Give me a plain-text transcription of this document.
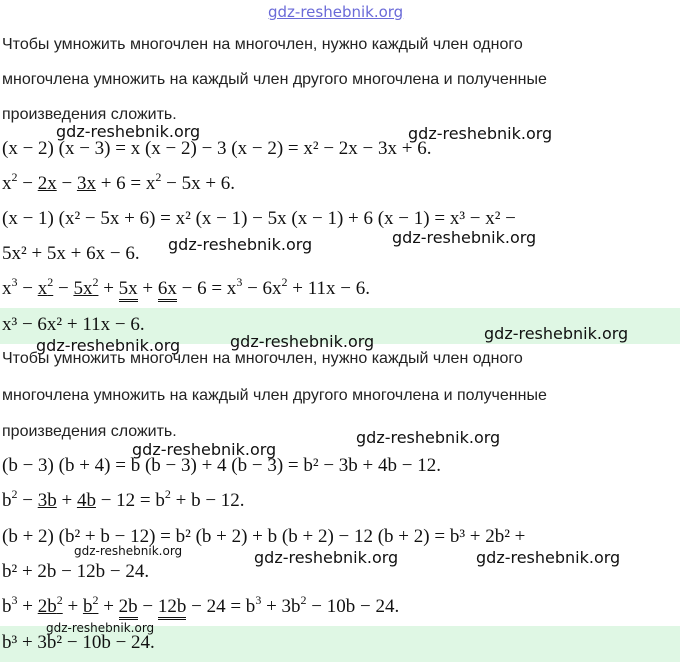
gdz-reshebnik.org
Чтобы умножить многочлен на многочлен, нужно каждый член одного
многочлена умножить на каждый член другого многочлена и полученные
произведения сложить.
(x − 2) (x − 3) = x (x − 2) − 3 (x − 2) = x² − 2x − 3x + 6.
$x^2 - 2x - 3x + 6 = x^2 - 5x + 6$.
(x − 1) (x² − 5x + 6) = x² (x − 1) − 5x (x − 1) + 6 (x − 1) = x³ − x² −
5x² + 5x + 6x − 6.
$x^3 - x^2 - 5x^2 + 5x + 6x - 6 = x^3 - 6x^2 + 11x - 6$.
x³ − 6x² + 11x − 6.
Чтобы умножить многочлен на многочлен, нужно каждый член одного
многочлена умножить на каждый член другого многочлена и полученные
произведения сложить.
(b − 3) (b + 4) = b (b − 3) + 4 (b − 3) = b² − 3b + 4b − 12.
$b^2 - 3b + 4b - 12 = b^2 + b - 12$.
(b + 2) (b² + b − 12) = b² (b + 2) + b (b + 2) − 12 (b + 2) = b³ + 2b² +
b² + 2b − 12b − 24.
$b^3 + 2b^2 + b^2 + 2b - 12b - 24 = b^3 + 3b^2 - 10b - 24$.
b³ + 3b² − 10b − 24.
gdz-reshebnik.org	gdz-reshebnik.org
gdz-reshebnik.org	gdz-reshebnik.org
gdz-reshebnik.org	gdz-reshebnik.org
gdz-reshebnik.org
gdz-reshebnik.org
gdz-reshebnik.org
gdz-reshebnik.org	gdz-reshebnik.org	gdz-reshebnik.org
gdz-reshebnik.org
